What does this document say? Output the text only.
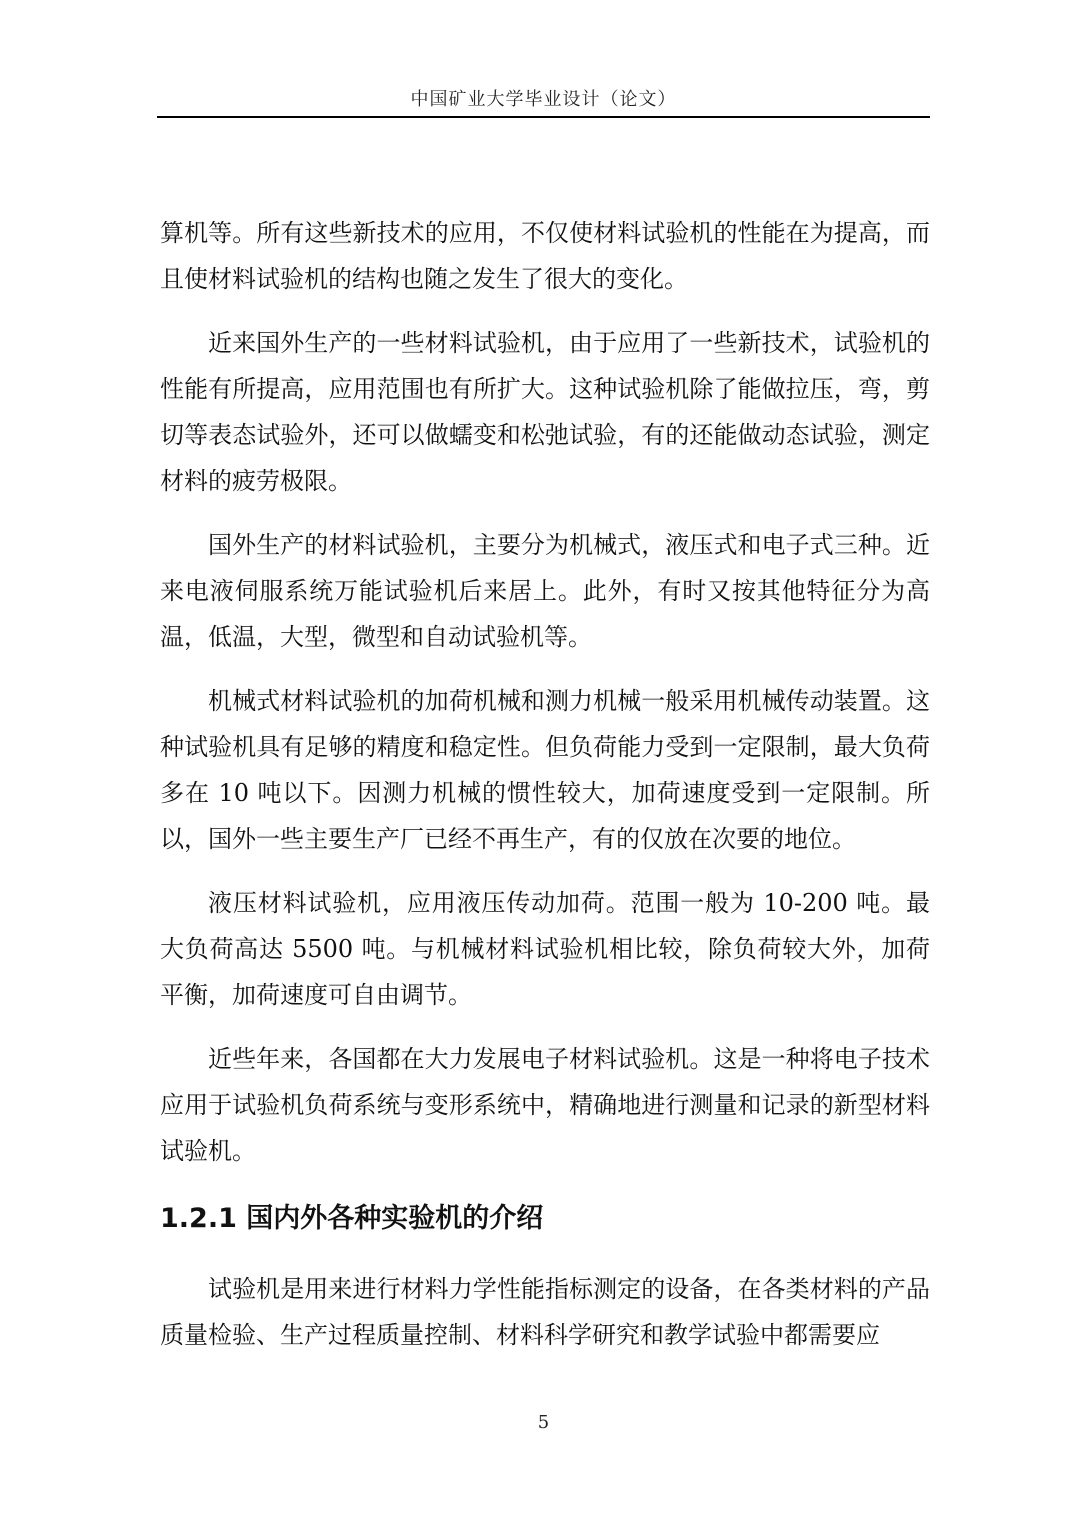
中国矿业大学毕业设计（论文）

算机等。所有这些新技术的应用，不仅使材料试验机的性能在为提高，而且使材料试验机的结构也随之发生了很大的变化。

近来国外生产的一些材料试验机，由于应用了一些新技术，试验机的性能有所提高，应用范围也有所扩大。这种试验机除了能做拉压，弯，剪切等表态试验外，还可以做蠕变和松弛试验，有的还能做动态试验，测定材料的疲劳极限。

国外生产的材料试验机，主要分为机械式，液压式和电子式三种。近来电液伺服系统万能试验机后来居上。此外，有时又按其他特征分为高温，低温，大型，微型和自动试验机等。

机械式材料试验机的加荷机械和测力机械一般采用机械传动装置。这种试验机具有足够的精度和稳定性。但负荷能力受到一定限制，最大负荷多在 10 吨以下。因测力机械的惯性较大，加荷速度受到一定限制。所以，国外一些主要生产厂已经不再生产，有的仅放在次要的地位。

液压材料试验机，应用液压传动加荷。范围一般为 10-200 吨。最大负荷高达 5500 吨。与机械材料试验机相比较，除负荷较大外，加荷平衡，加荷速度可自由调节。

近些年来，各国都在大力发展电子材料试验机。这是一种将电子技术应用于试验机负荷系统与变形系统中，精确地进行测量和记录的新型材料试验机。

1.2.1 国内外各种实验机的介绍

试验机是用来进行材料力学性能指标测定的设备，在各类材料的产品质量检验、生产过程质量控制、材料科学研究和教学试验中都需要应

5
